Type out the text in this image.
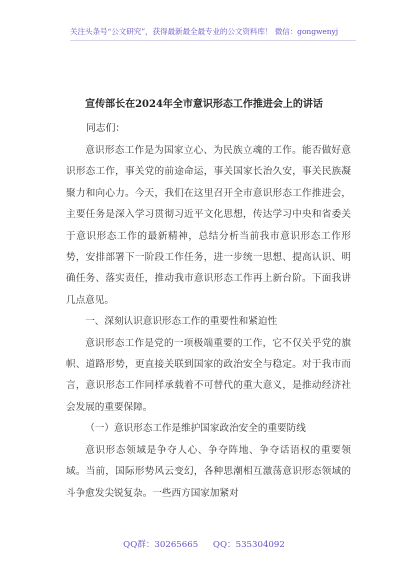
关注头条号“公文研究”，获得最新最全最专业的公文资料库！ 微信：gongwenyj
宣传部长在2024年全市意识形态工作推进会上的讲话
同志们：

意识形态工作是为国家立心、为民族立魂的工作。能否做好意识形态工作，事关党的前途命运，事关国家长治久安，事关民族凝聚力和向心力。今天，我们在这里召开全市意识形态工作推进会，主要任务是深入学习贯彻习近平文化思想，传达学习中央和省委关于意识形态工作的最新精神，总结分析当前我市意识形态工作形势，安排部署下一阶段工作任务，进一步统一思想、提高认识、明确任务、落实责任，推动我市意识形态工作再上新台阶。下面我讲几点意见。

一、深刻认识意识形态工作的重要性和紧迫性

意识形态工作是党的一项极端重要的工作，它不仅关乎党的旗帜、道路形势，更直接关联到国家的政治安全与稳定。对于我市而言，意识形态工作同样承载着不可替代的重大意义，是推动经济社会发展的重要保障。

（一）意识形态工作是维护国家政治安全的重要防线

意识形态领域是争夺人心、争夺阵地、争夺话语权的重要领域。当前，国际形势风云变幻，各种思潮相互激荡意识形态领域的斗争愈发尖锐复杂。一些西方国家加紧对

QQ群：30265665 QQ：535304092
